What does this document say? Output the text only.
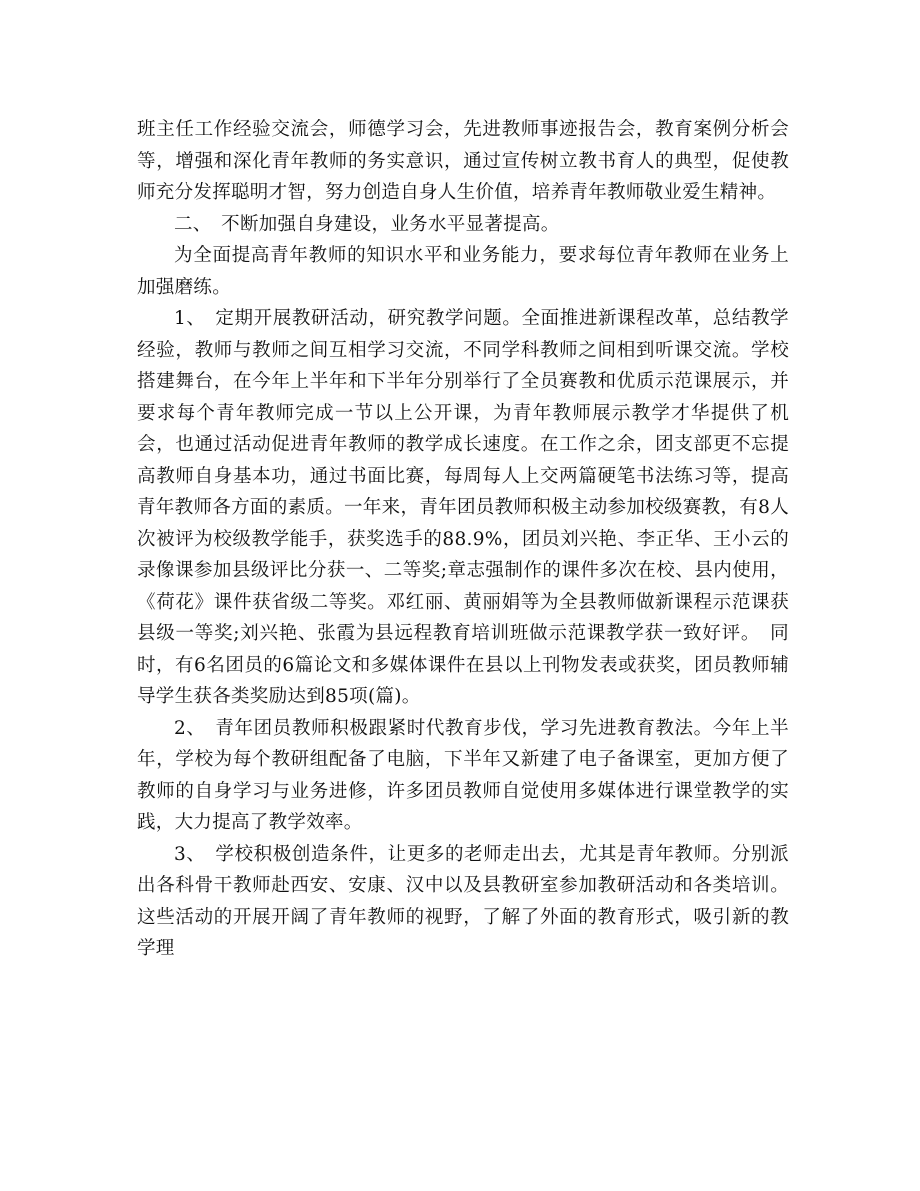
班主任工作经验交流会，师德学习会，先进教师事迹报告会，教育案例分析会等，增强和深化青年教师的务实意识，通过宣传树立教书育人的典型，促使教师充分发挥聪明才智，努力创造自身人生价值，培养青年教师敬业爱生精神。

二、　不断加强自身建设，业务水平显著提高。

为全面提高青年教师的知识水平和业务能力，要求每位青年教师在业务上加强磨练。

1、　定期开展教研活动，研究教学问题。全面推进新课程改革，总结教学经验，教师与教师之间互相学习交流，不同学科教师之间相到听课交流。学校搭建舞台，在今年上半年和下半年分别举行了全员赛教和优质示范课展示，并要求每个青年教师完成一节以上公开课，为青年教师展示教学才华提供了机会，也通过活动促进青年教师的教学成长速度。在工作之余，团支部更不忘提高教师自身基本功，通过书面比赛，每周每人上交两篇硬笔书法练习等，提高青年教师各方面的素质。一年来，青年团员教师积极主动参加校级赛教，有8人次被评为校级教学能手，获奖选手的88.9%，团员刘兴艳、李正华、王小云的录像课参加县级评比分获一、二等奖;章志强制作的课件多次在校、县内使用，《荷花》课件获省级二等奖。邓红丽、黄丽娟等为全县教师做新课程示范课获县级一等奖;刘兴艳、张霞为县远程教育培训班做示范课教学获一致好评。　同时，有6名团员的6篇论文和多媒体课件在县以上刊物发表或获奖，团员教师辅导学生获各类奖励达到85项(篇)。

2、　青年团员教师积极跟紧时代教育步伐，学习先进教育教法。今年上半年，学校为每个教研组配备了电脑，下半年又新建了电子备课室，更加方便了教师的自身学习与业务进修，许多团员教师自觉使用多媒体进行课堂教学的实践，大力提高了教学效率。

3、　学校积极创造条件，让更多的老师走出去，尤其是青年教师。分别派出各科骨干教师赴西安、安康、汉中以及县教研室参加教研活动和各类培训。这些活动的开展开阔了青年教师的视野，了解了外面的教育形式，吸引新的教学理
